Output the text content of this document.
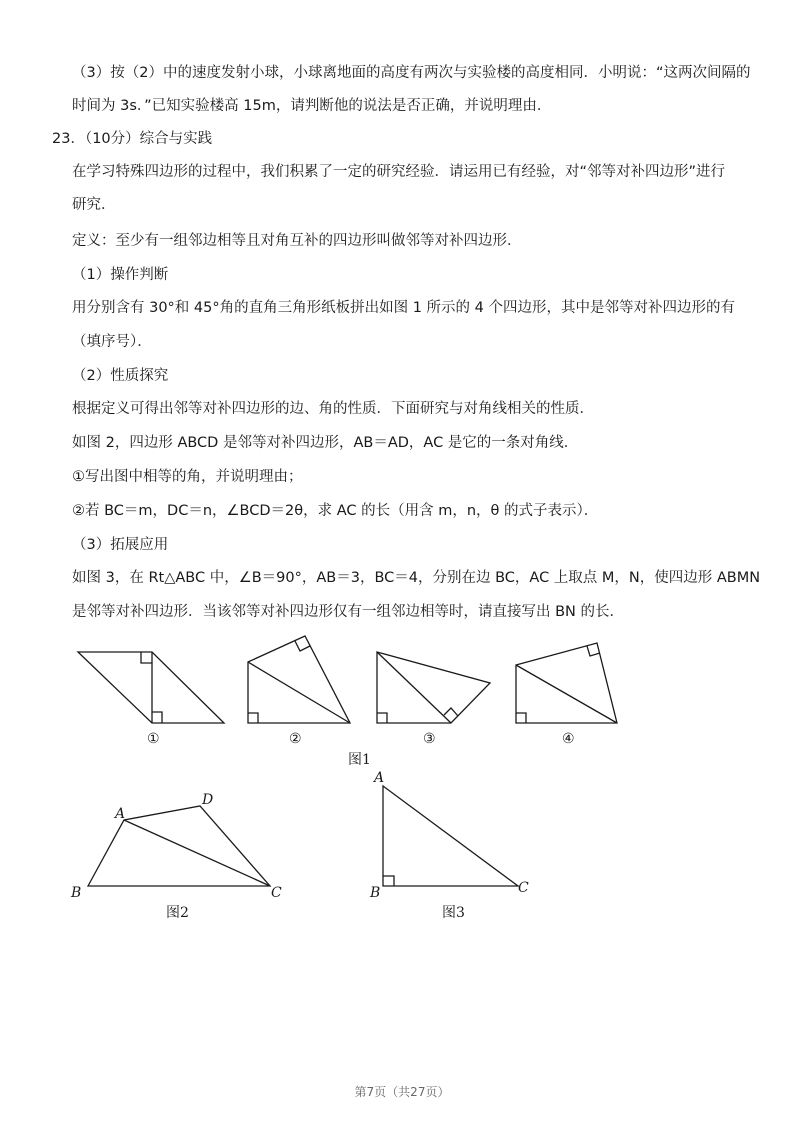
（3）按（2）中的速度发射小球，小球离地面的高度有两次与实验楼的高度相同．小明说：“这两次间隔的
时间为 3s．”已知实验楼高 15m，请判断他的说法是否正确，并说明理由．
23．（10分）综合与实践
在学习特殊四边形的过程中，我们积累了一定的研究经验．请运用已有经验，对“邻等对补四边形”进行
研究．
定义：至少有一组邻边相等且对角互补的四边形叫做邻等对补四边形．
（1）操作判断
用分别含有 30°和 45°角的直角三角形纸板拼出如图 1 所示的 4 个四边形，其中是邻等对补四边形的有
（填序号）．
（2）性质探究
根据定义可得出邻等对补四边形的边、角的性质．下面研究与对角线相关的性质．
如图 2，四边形 ABCD 是邻等对补四边形，AB＝AD，AC 是它的一条对角线．
①写出图中相等的角，并说明理由；
②若 BC＝m，DC＝n，∠BCD＝2θ，求 AC 的长（用含 m，n，θ 的式子表示）．
（3）拓展应用
如图 3，在 Rt△ABC 中，∠B＝90°，AB＝3，BC＝4，分别在边 BC，AC 上取点 M，N，使四边形 ABMN
是邻等对补四边形．当该邻等对补四边形仅有一组邻边相等时，请直接写出 BN 的长．
①	②	③	④
图1
A
D
B	C
图2
A
B	C
图3
第7页（共27页）
